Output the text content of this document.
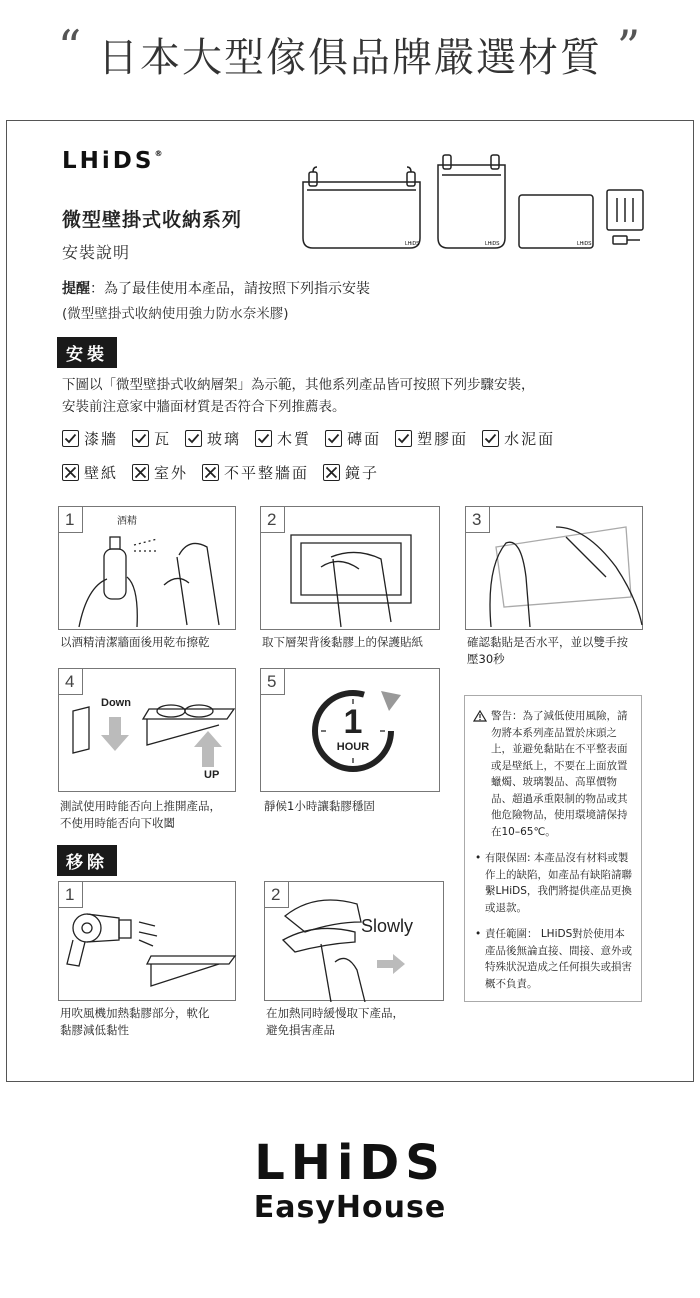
“ 日本大型傢俱品牌嚴選材質 ”
LHiDS®
微型壁掛式收納系列
安裝說明
提醒：為了最佳使用本產品，請按照下列指示安裝
(微型壁掛式收納使用強力防水奈米膠)
LHiDS	LHiDS	LHiDS
安裝
下圖以「微型壁掛式收納層架」為示範，其他系列產品皆可按照下列步驟安裝，
安裝前注意家中牆面材質是否符合下列推薦表。
漆牆 瓦 玻璃 木質 磚面 塑膠面 水泥面
壁紙 室外 不平整牆面 鏡子
1	酒精
以酒精清潔牆面後用乾布擦乾
2
取下層架背後黏膠上的保護貼紙
3
確認黏貼是否水平，並以雙手按
壓30秒
4
Down
UP
測試使用時能否向上推開產品，
不使用時能否向下收闔
5
1
HOUR
靜候1小時讓黏膠穩固

警告：為了減低使用風險，請勿將本系列產品置於床頭之上，並避免黏貼在不平整表面或是壁紙上，不要在上面放置蠟燭、玻璃製品、高單價物品、超過承重限制的物品或其他危險物品，使用環境請保持在10–65℃。

• 有限保固: 本產品沒有材料或製作上的缺陷，如產品有缺陷請聯繫LHiDS，我們將提供產品更換或退款。

• 責任範圍： LHiDS對於使用本產品後無論直接、間接、意外或特殊狀況造成之任何損失或損害概不負責。

移除
1
用吹風機加熱黏膠部分，軟化
黏膠減低黏性
2
Slowly
在加熱同時緩慢取下產品，
避免損害產品
LHiDS
EasyHouse
